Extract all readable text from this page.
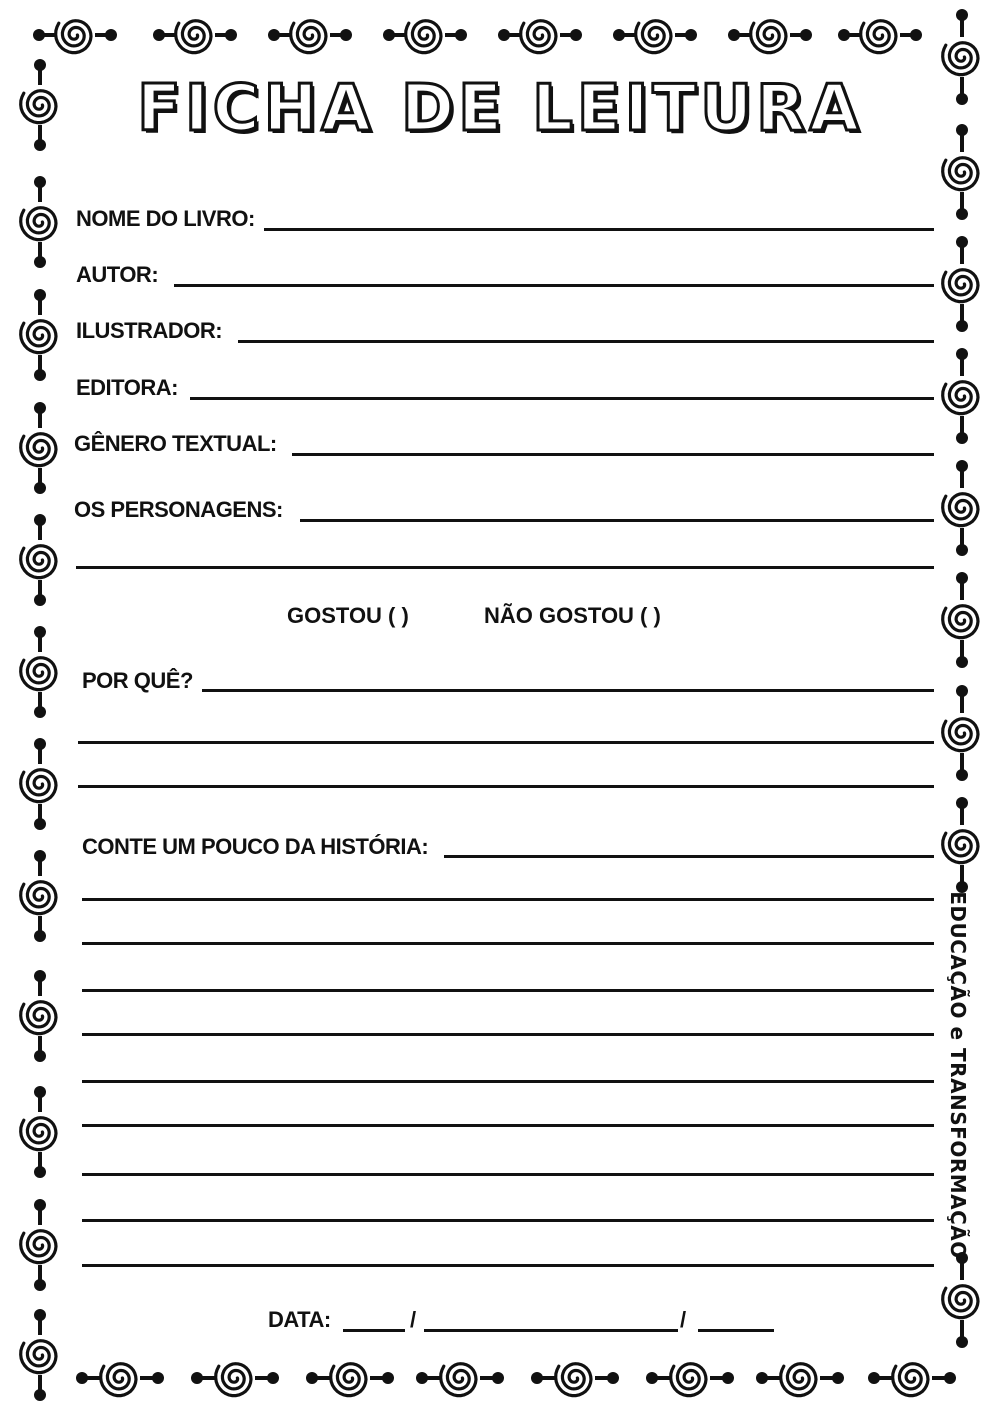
FICHA DE LEITURA
NOME DO LIVRO:
AUTOR:
ILUSTRADOR:
EDITORA:
GÊNERO TEXTUAL:
OS PERSONAGENS:
GOSTOU ( )	NÃO GOSTOU ( )
POR QUÊ?
CONTE UM POUCO DA HISTÓRIA:
DATA:	/	/
EDUCAÇÃO e TRANSFORMAÇÃO
